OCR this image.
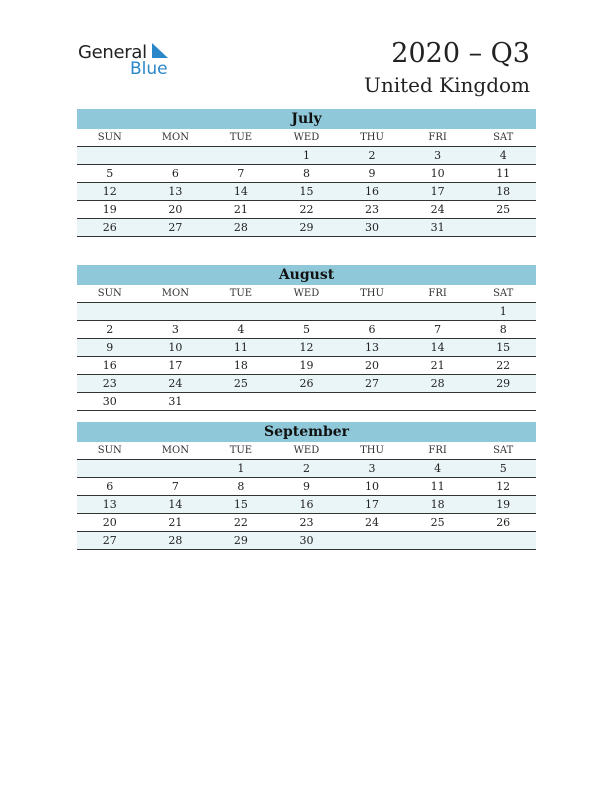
General
Blue	2020 – Q3
United Kingdom
July
SUN	MON	TUE	WED	THU	FRI	SAT
			1	2	3	4
5	6	7	8	9	10	11
12	13	14	15	16	17	18
19	20	21	22	23	24	25
26	27	28	29	30	31	
August
SUN	MON	TUE	WED	THU	FRI	SAT
						1
2	3	4	5	6	7	8
9	10	11	12	13	14	15
16	17	18	19	20	21	22
23	24	25	26	27	28	29
30	31					
September
SUN	MON	TUE	WED	THU	FRI	SAT
		1	2	3	4	5
6	7	8	9	10	11	12
13	14	15	16	17	18	19
20	21	22	23	24	25	26
27	28	29	30			
